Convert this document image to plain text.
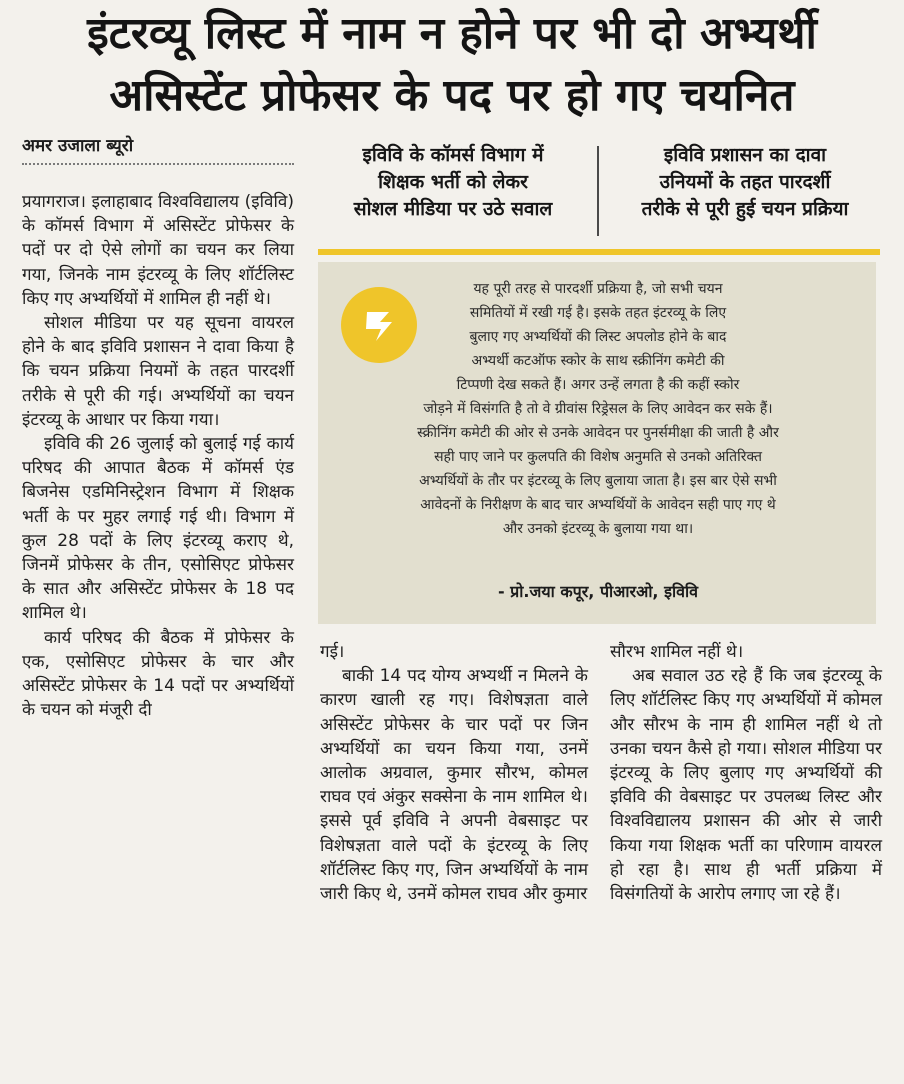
इंटरव्यू लिस्ट में नाम न होने पर भी दो अभ्यर्थी
असिस्टेंट प्रोफेसर के पद पर हो गए चयनित
अमर उजाला ब्यूरो

प्रयागराज। इलाहाबाद विश्वविद्यालय (इविवि) के कॉमर्स विभाग में असिस्टेंट प्रोफेसर के पदों पर दो ऐसे लोगों का चयन कर लिया गया, जिनके नाम इंटरव्यू के लिए शॉर्टलिस्ट किए गए अभ्यर्थियों में शामिल ही नहीं थे।

सोशल मीडिया पर यह सूचना वायरल होने के बाद इविवि प्रशासन ने दावा किया है कि चयन प्रक्रिया नियमों के तहत पारदर्शी तरीके से पूरी की गई। अभ्यर्थियों का चयन इंटरव्यू के आधार पर किया गया।

इविवि की 26 जुलाई को बुलाई गई कार्य परिषद की आपात बैठक में कॉमर्स एंड बिजनेस एडमिनिस्ट्रेशन विभाग में शिक्षक भर्ती के पर मुहर लगाई गई थी। विभाग में कुल 28 पदों के लिए इंटरव्यू कराए थे, जिनमें प्रोफेसर के तीन, एसोसिएट प्रोफेसर के सात और असिस्टेंट प्रोफेसर के 18 पद शामिल थे।

कार्य परिषद की बैठक में प्रोफेसर के एक, एसोसिएट प्रोफेसर के चार और असिस्टेंट प्रोफेसर के 14 पदों पर अभ्यर्थियों के चयन को मंजूरी दी

इविवि के कॉमर्स विभाग में
शिक्षक भर्ती को लेकर
सोशल मीडिया पर उठे सवाल
इविवि प्रशासन का दावा
उनियमों के तहत पारदर्शी
तरीके से पूरी हुई चयन प्रक्रिया
यह पूरी तरह से पारदर्शी प्रक्रिया है, जो सभी चयन
समितियों में रखी गई है। इसके तहत इंटरव्यू के लिए
बुलाए गए अभ्यर्थियों की लिस्ट अपलोड होने के बाद
अभ्यर्थी कटऑफ स्कोर के साथ स्क्रीनिंग कमेटी की
टिप्पणी देख सकते हैं। अगर उन्हें लगता है की कहीं स्कोर
जोड़ने में विसंगति है तो वे ग्रीवांस रिड्रेसल के लिए आवेदन कर सके हैं।
स्क्रीनिंग कमेटी की ओर से उनके आवेदन पर पुनर्समीक्षा की जाती है और
सही पाए जाने पर कुलपति की विशेष अनुमति से उनको अतिरिक्त
अभ्यर्थियों के तौर पर इंटरव्यू के लिए बुलाया जाता है। इस बार ऐसे सभी
आवेदनों के निरीक्षण के बाद चार अभ्यर्थियों के आवेदन सही पाए गए थे
और उनको इंटरव्यू के बुलाया गया था।
- प्रो.जया कपूर, पीआरओ, इविवि

गई।

बाकी 14 पद योग्य अभ्यर्थी न मिलने के कारण खाली रह गए। विशेषज्ञता वाले असिस्टेंट प्रोफेसर के चार पदों पर जिन अभ्यर्थियों का चयन किया गया, उनमें आलोक अग्रवाल, कुमार सौरभ, कोमल राघव एवं अंकुर सक्सेना के नाम शामिल थे। इससे पूर्व इविवि ने अपनी वेबसाइट पर विशेषज्ञता वाले पदों के इंटरव्यू के लिए शॉर्टलिस्ट किए गए, जिन अभ्यर्थियों के नाम जारी किए थे, उनमें कोमल राघव और कुमार

सौरभ शामिल नहीं थे।

अब सवाल उठ रहे हैं कि जब इंटरव्यू के लिए शॉर्टलिस्ट किए गए अभ्यर्थियों में कोमल और सौरभ के नाम ही शामिल नहीं थे तो उनका चयन कैसे हो गया। सोशल मीडिया पर इंटरव्यू के लिए बुलाए गए अभ्यर्थियों की इविवि की वेबसाइट पर उपलब्ध लिस्ट और विश्वविद्यालय प्रशासन की ओर से जारी किया गया शिक्षक भर्ती का परिणाम वायरल हो रहा है। साथ ही भर्ती प्रक्रिया में विसंगतियों के आरोप लगाए जा रहे हैं।
